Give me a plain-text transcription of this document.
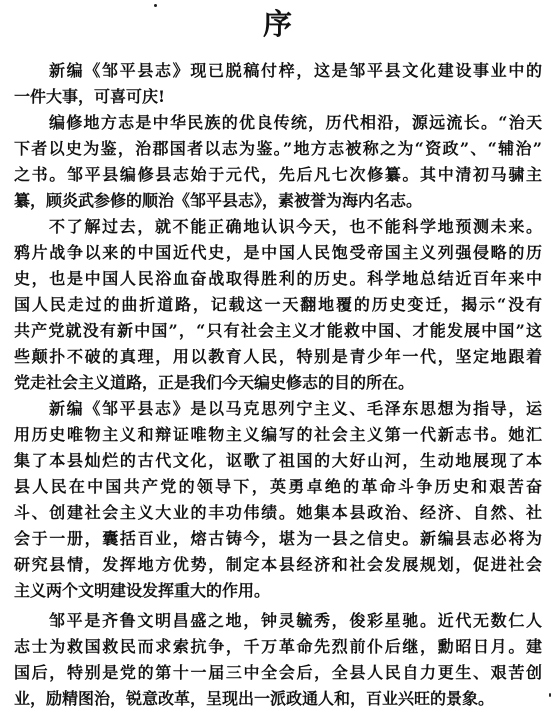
序
新编《邹平县志》现已脱稿付梓，这是邹平县文化建设事业中的
一件大事，可喜可庆!
编修地方志是中华民族的优良传统，历代相沿，源远流长。“治天
下者以史为鉴，治郡国者以志为鉴。”地方志被称之为“资政”、“辅治”
之书。邹平县编修县志始于元代，先后凡七次修纂。其中清初马骕主
纂，顾炎武参修的顺治《邹平县志》，素被誉为海内名志。
不了解过去，就不能正确地认识今天，也不能科学地预测未来。
鸦片战争以来的中国近代史，是中国人民饱受帝国主义列强侵略的历
史，也是中国人民浴血奋战取得胜利的历史。科学地总结近百年来中
国人民走过的曲折道路，记载这一天翻地覆的历史变迁，揭示“没有
共产党就没有新中国”，“只有社会主义才能救中国、才能发展中国”这
些颠扑不破的真理，用以教育人民，特别是青少年一代，坚定地跟着
党走社会主义道路，正是我们今天编史修志的目的所在。
新编《邹平县志》是以马克思列宁主义、毛泽东思想为指导，运
用历史唯物主义和辩证唯物主义编写的社会主义第一代新志书。她汇
集了本县灿烂的古代文化，讴歌了祖国的大好山河，生动地展现了本
县人民在中国共产党的领导下，英勇卓绝的革命斗争历史和艰苦奋
斗、创建社会主义大业的丰功伟绩。她集本县政治、经济、自然、社
会于一册，囊括百业，熔古铸今，堪为一县之信史。新编县志必将为
研究县情，发挥地方优势，制定本县经济和社会发展规划，促进社会
主义两个文明建设发挥重大的作用。
邹平是齐鲁文明昌盛之地，钟灵毓秀，俊彩星驰。近代无数仁人
志士为救国救民而求索抗争，千万革命先烈前仆后继，勳昭日月。建
国后，特别是党的第十一届三中全会后，全县人民自力更生、艰苦创
业，励精图治，锐意改革，呈现出一派政通人和，百业兴旺的景象。
